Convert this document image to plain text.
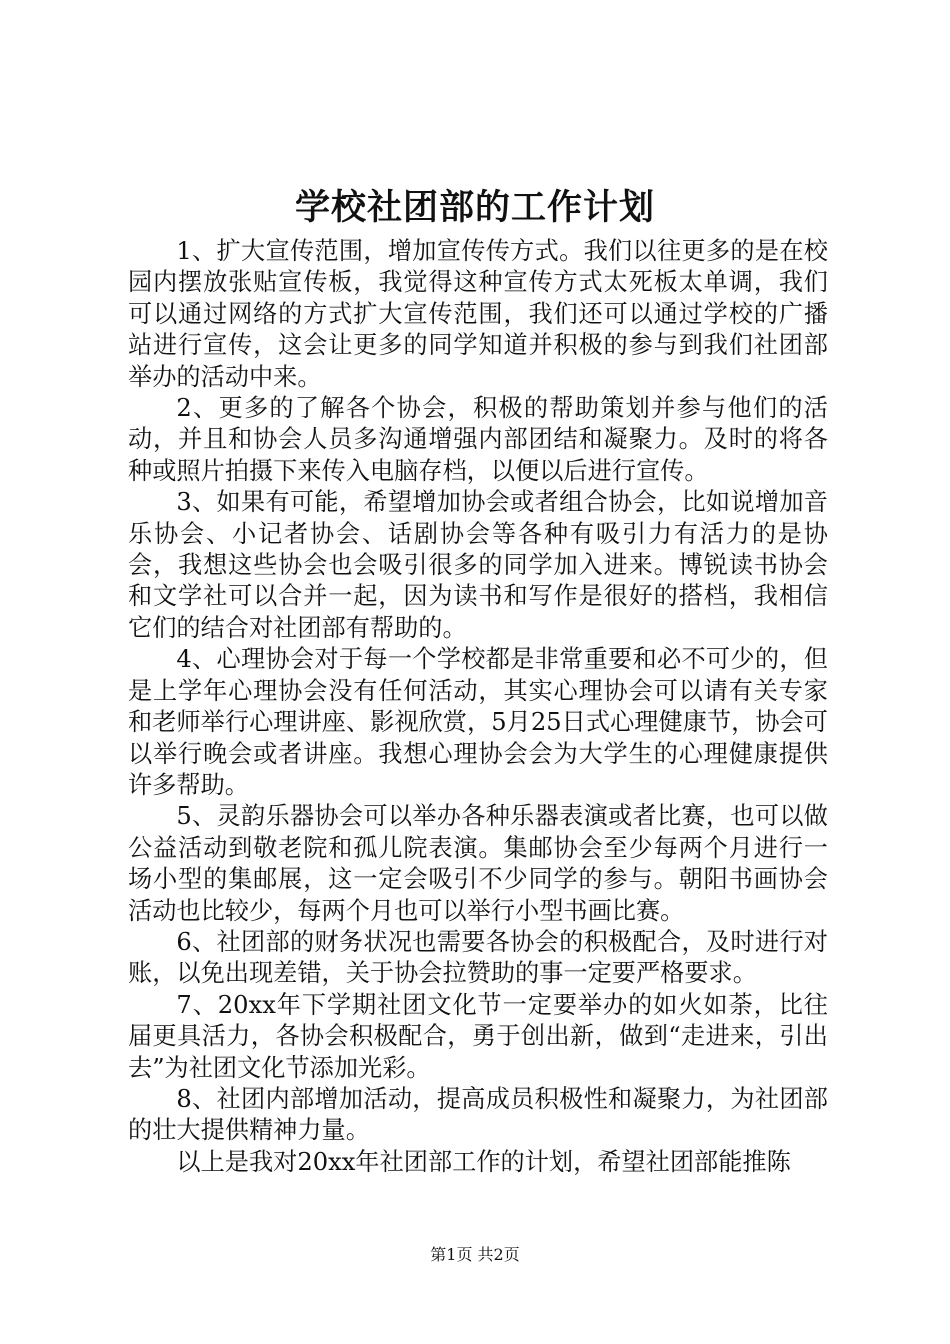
学校社团部的工作计划

1、扩大宣传范围，增加宣传传方式。我们以往更多的是在校园内摆放张贴宣传板，我觉得这种宣传方式太死板太单调，我们可以通过网络的方式扩大宣传范围，我们还可以通过学校的广播站进行宣传，这会让更多的同学知道并积极的参与到我们社团部举办的活动中来。

2、更多的了解各个协会，积极的帮助策划并参与他们的活动，并且和协会人员多沟通增强内部团结和凝聚力。及时的将各种或照片拍摄下来传入电脑存档，以便以后进行宣传。

3、如果有可能，希望增加协会或者组合协会，比如说增加音乐协会、小记者协会、话剧协会等各种有吸引力有活力的是协会，我想这些协会也会吸引很多的同学加入进来。博锐读书协会和文学社可以合并一起，因为读书和写作是很好的搭档，我相信它们的结合对社团部有帮助的。

4、心理协会对于每一个学校都是非常重要和必不可少的，但是上学年心理协会没有任何活动，其实心理协会可以请有关专家和老师举行心理讲座、影视欣赏，5月25日式心理健康节，协会可以举行晚会或者讲座。我想心理协会会为大学生的心理健康提供许多帮助。

5、灵韵乐器协会可以举办各种乐器表演或者比赛，也可以做公益活动到敬老院和孤儿院表演。集邮协会至少每两个月进行一场小型的集邮展，这一定会吸引不少同学的参与。朝阳书画协会活动也比较少，每两个月也可以举行小型书画比赛。

6、社团部的财务状况也需要各协会的积极配合，及时进行对账，以免出现差错，关于协会拉赞助的事一定要严格要求。

7、20xx年下学期社团文化节一定要举办的如火如荼，比往届更具活力，各协会积极配合，勇于创出新，做到“走进来，引出去”为社团文化节添加光彩。

8、社团内部增加活动，提高成员积极性和凝聚力，为社团部的壮大提供精神力量。

以上是我对20xx年社团部工作的计划，希望社团部能推陈

第1页 共2页
